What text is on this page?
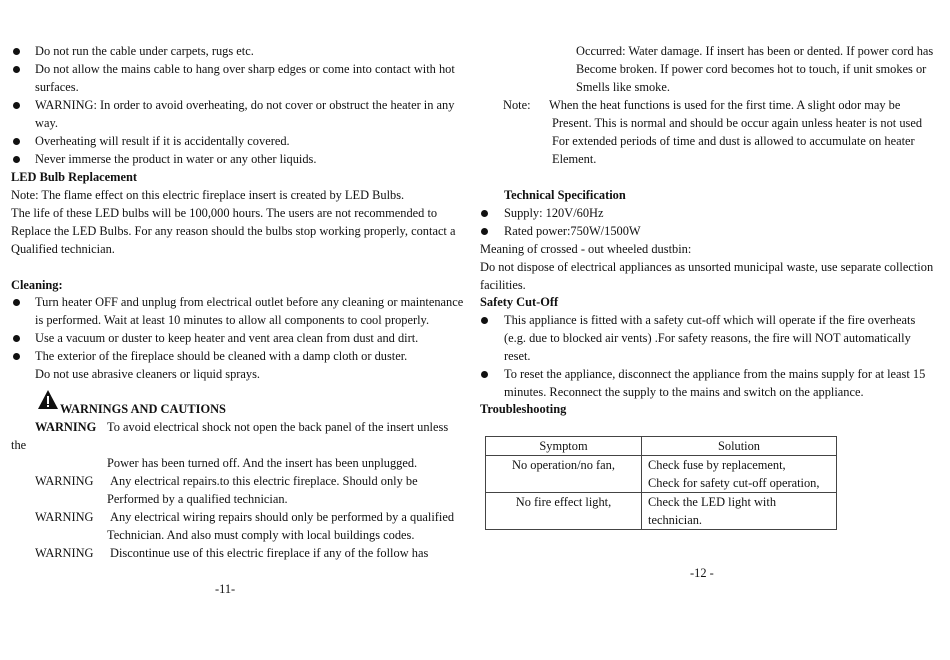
Do not run the cable under carpets, rugs etc.
Do not allow the mains cable to hang over sharp edges or come into contact with hot
surfaces.
WARNING: In order to avoid overheating, do not cover or obstruct the heater in any
way.
Overheating will result if it is accidentally covered.
Never immerse the product in water or any other liquids.
LED Bulb Replacement
Note: The flame effect on this electric fireplace insert is created by LED Bulbs.
The life of these LED bulbs will be 100,000 hours. The users are not recommended to
Replace the LED Bulbs. For any reason should the bulbs stop working properly, contact a
Qualified technician.
Cleaning:
Turn heater OFF and unplug from electrical outlet before any cleaning or maintenance
is performed. Wait at least 10 minutes to allow all components to cool properly.
Use a vacuum or duster to keep heater and vent area clean from dust and dirt.
The exterior of the fireplace should be cleaned with a damp cloth or duster.
Do not use abrasive cleaners or liquid sprays.
WARNINGS AND CAUTIONS
WARNING To avoid electrical shock not open the back panel of the insert unless
the
Power has been turned off. And the insert has been unplugged.
WARNING Any electrical repairs.to this electric fireplace. Should only be
Performed by a qualified technician.
WARNING Any electrical wiring repairs should only be performed by a qualified
Technician. And also must comply with local buildings codes.
WARNING Discontinue use of this electric fireplace if any of the follow has
-11-
Occurred: Water damage. If insert has been or dented. If power cord has
Become broken. If power cord becomes hot to touch, if unit smokes or
Smells like smoke.
Note: When the heat functions is used for the first time. A slight odor may be
Present. This is normal and should be occur again unless heater is not used
For extended periods of time and dust is allowed to accumulate on heater
Element.
Technical Specification
Supply: 120V/60Hz
Rated power:750W/1500W
Meaning of crossed - out wheeled dustbin:
Do not dispose of electrical appliances as unsorted municipal waste, use separate collection
facilities.
Safety Cut-Off
This appliance is fitted with a safety cut-off which will operate if the fire overheats
(e.g. due to blocked air vents) .For safety reasons, the fire will NOT automatically
reset.
To reset the appliance, disconnect the appliance from the mains supply for at least 15
minutes. Reconnect the supply to the mains and switch on the appliance.
Troubleshooting
Symptom	Solution
No operation/no fan,	Check fuse by replacement,
	Check for safety cut-off operation,
No fire effect light,	Check the LED light with technician.
-12 -
